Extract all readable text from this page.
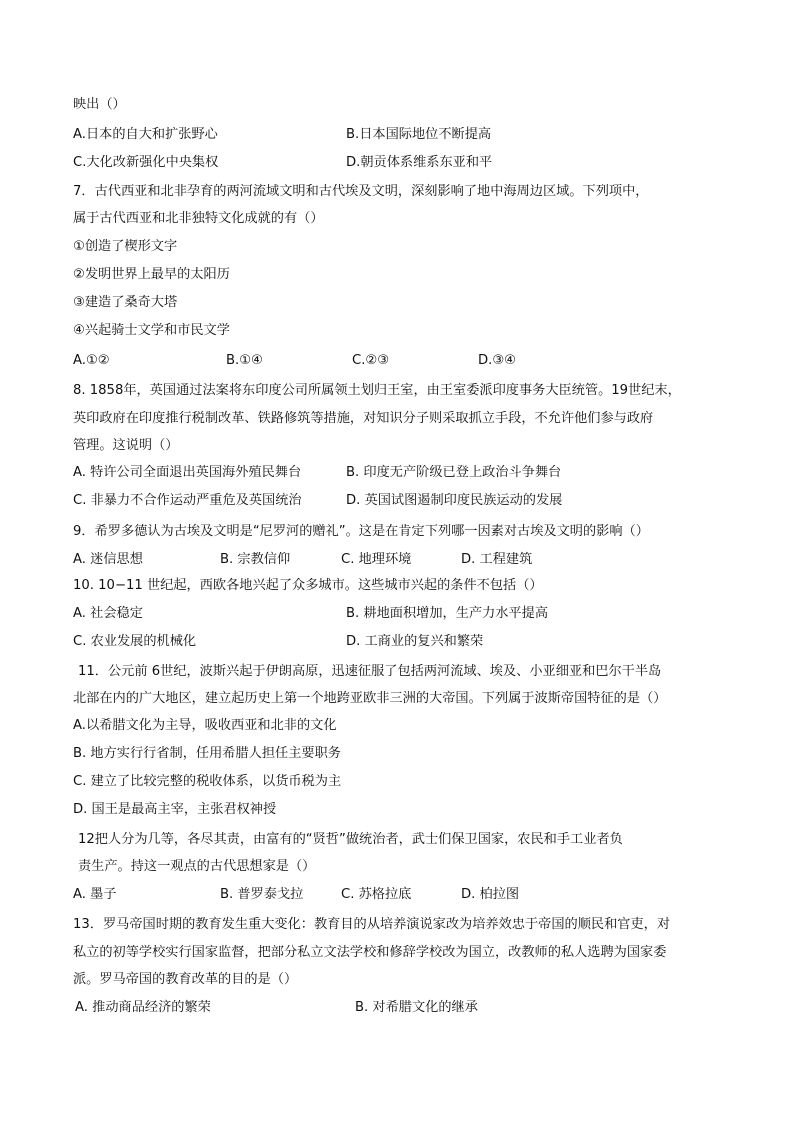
映出（）
A.日本的自大和扩张野心	B.日本国际地位不断提高
C.大化改新强化中央集权	D.朝贡体系维系东亚和平
7．古代西亚和北非孕育的两河流域文明和古代埃及文明，深刻影响了地中海周边区域。下列项中，
属于古代西亚和北非独特文化成就的有（）
①创造了楔形文字
②发明世界上最早的太阳历
③建造了桑奇大塔
④兴起骑士文学和市民文学
A.①②	B.①④	C.②③	D.③④
8. 1858年，英国通过法案将东印度公司所属领土划归王室，由王室委派印度事务大臣统管。19世纪末，
英印政府在印度推行税制改革、铁路修筑等措施，对知识分子则采取抓立手段，不允许他们参与政府
管理。这说明（）
A. 特许公司全面退出英国海外殖民舞台	B. 印度无产阶级已登上政治斗争舞台
C. 非暴力不合作运动严重危及英国统治	D. 英国试图遏制印度民族运动的发展
9．希罗多德认为古埃及文明是“尼罗河的赠礼”。这是在肯定下列哪一因素对古埃及文明的影响（）
A. 迷信思想	B. 宗教信仰	C. 地理环境	D. 工程建筑
10. 10−11 世纪起，西欧各地兴起了众多城市。这些城市兴起的条件不包括（）
A. 社会稳定	B. 耕地面积增加，生产力水平提高
C. 农业发展的机械化	D. 工商业的复兴和繁荣
11．公元前 6世纪，波斯兴起于伊朗高原，迅速征服了包括两河流域、埃及、小亚细亚和巴尔干半岛
北部在内的广大地区，建立起历史上第一个地跨亚欧非三洲的大帝国。下列属于波斯帝国特征的是（）
A.以希腊文化为主导，吸收西亚和北非的文化
B. 地方实行行省制，任用希腊人担任主要职务
C. 建立了比较完整的税收体系，以货币税为主
D. 国王是最高主宰，主张君权神授
12把人分为几等，各尽其责，由富有的“贤哲”做统治者，武士们保卫国家，农民和手工业者负
责生产。持这一观点的古代思想家是（）
A. 墨子	B. 普罗泰戈拉	C. 苏格拉底	D. 柏拉图
13．罗马帝国时期的教育发生重大变化：教育目的从培养演说家改为培养效忠于帝国的顺民和官吏，对
私立的初等学校实行国家监督，把部分私立文法学校和修辞学校改为国立，改教师的私人选聘为国家委
派。罗马帝国的教育改革的目的是（）
A. 推动商品经济的繁荣	B. 对希腊文化的继承
